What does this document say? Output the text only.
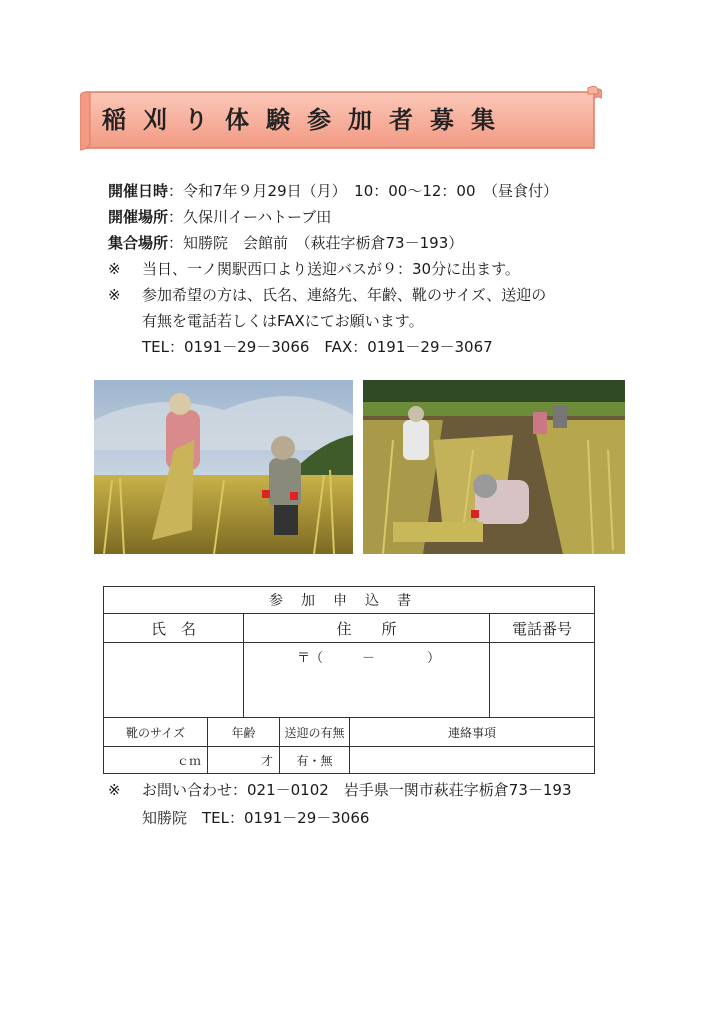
稲刈り体験参加者募集
開催日時：令和7年９月29日（月）　10：00～12：00　（昼食付）
開催場所：久保川イーハトーブ田
集合場所：知勝院　会館前　（萩荘字栃倉73－193）
※ 当日、一ノ関駅西口より送迎バスが９：30分に出ます。
※ 参加希望の方は、氏名、連絡先、年齢、靴のサイズ、送迎の
有無を電話若しくはFAXにてお願います。
TEL：0191－29－3066　FAX：0191－29－3067
参加申込書					
氏　名		住　　所			電話番号

		〒（　　　－　　　　）			

靴のサイズ	年齢		送迎の有無	連絡事項	
ｃｍ	才		有・無		
※ お問い合わせ：021－0102　岩手県一関市萩荘字栃倉73－193
知勝院　TEL：0191－29－3066
